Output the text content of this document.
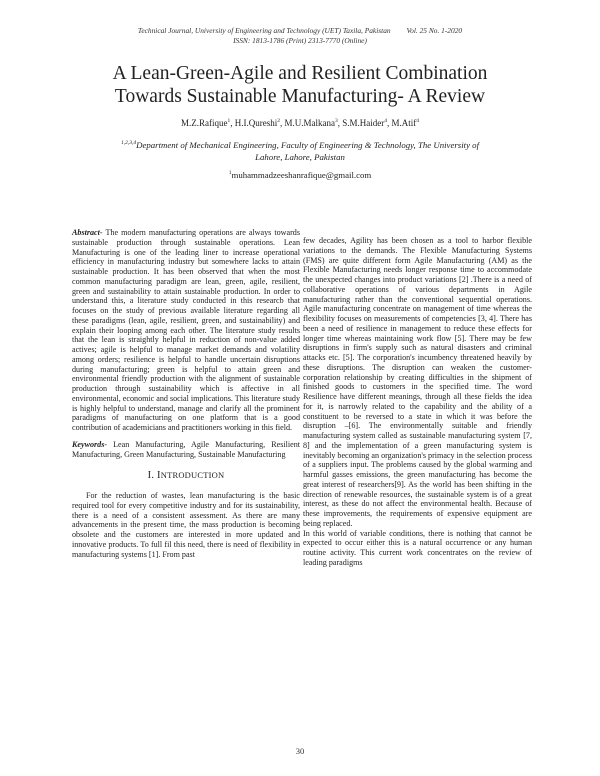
Technical Journal, University of Engineering and Technology (UET) Taxila, Pakistan Vol. 25 No. 1-2020
ISSN: 1813-1786 (Print) 2313-7770 (Online)
A Lean-Green-Agile and Resilient Combination
Towards Sustainable Manufacturing- A Review
M.Z.Rafique$^1$, H.I.Qureshi$^2$, M.U.Malkana$^3$, S.M.Haider$^4$, M.Atif$^4$
$^{1,2,3,4}$Department of Mechanical Engineering, Faculty of Engineering & Technology, The University of Lahore, Lahore, Pakistan
$^1$muhammadzeeshanrafique@gmail.com

Abstract- The modern manufacturing operations are always towards sustainable production through sustainable operations. Lean Manufacturing is one of the leading liner to increase operational efficiency in manufacturing industry but somewhere lacks to attain sustainable production. It has been observed that when the most common manufacturing paradigm are lean, green, agile, resilient, green and sustainability to attain sustainable production. In order to understand this, a literature study conducted in this researcb that focuses on the study of previous available literature regarding all these paradigms (lean, agile, resilient, green, and sustainability) and explain their looping among each other. The literature study results that the lean is straightly helpful in reduction of non-value added actives; agile is helpful to manage market demands and volatility among orders; resilience is helpful to handle uncertain disruptions during manufacturing; green is helpful to attain green and environmental friendly production with the alignment of sustainable production through sustainability which is affective in all environmental, economic and social implications. This literature study is highly helpful to understand, manage and clarify all the prominent paradigms of manufacturing on one platform that is a good contribution of academicians and practitioners working in this field.

Keywords- Lean Manufacturing, Agile Manufacturing, Resilient Manufacturing, Green Manufacturing, Sustainable Manufacturing

I. INTRODUCTION

For the reduction of wastes, lean manufacturing is the basic required tool for every competitive industry and for its sustainability, there is a need of a consistent assessment. As there are many advancements in the present time, the mass production is becoming obsolete and the customers are interested in more updated and innovative products. To full fil this need, there is need of flexibility in manufacturing systems [1]. From past

few decades, Agility has been chosen as a tool to harbor flexible variations to the demands. The Flexible Manufacturing Systems (FMS) are quite different form Agile Manufacturing (AM) as the Flexible Manufacturing needs longer response time to accommodate the unexpected changes into product variations [2] .There is a need of collaborative operations of various departments in Agile manufacturing rather than the conventional sequential operations. Agile manufacturing concentrate on management of time whereas the flexibility focuses on measurements of competencies [3, 4]. There has been a need of resilience in management to reduce these effects for longer time whereas maintaining work flow [5]. There may be few disruptions in firm's supply such as natural disasters and criminal attacks etc. [5]. The corporation's incumbency threatened heavily by these disruptions. The disruption can weaken the customer-corporation relationship by creating difficulties in the shipment of finished goods to customers in the specified time. The word Resilience have different meanings, through all these fields the idea for it, is narrowly related to the capability and the ability of a constituent to be reversed to a state in which it was before the disruption –[6]. The environmentally suitable and friendly manufacturing system called as sustainable manufacturing system [7, 8] and the implementation of a green manufacturing system is inevitably becoming an organization's primacy in the selection process of a suppliers input. The problems caused by the global warming and harmful gasses emissions, the green manufacturing has become the great interest of researchers[9]. As the world has been shifting in the direction of renewable resources, the sustainable system is of a great interest, as these do not affect the environmental health. Because of these improvements, the requirements of expensive equipment are being replaced.

In this world of variable conditions, there is nothing that cannot be expected to occur either this is a natural occurrence or any human routine activity. This current work concentrates on the review of leading paradigms

30
